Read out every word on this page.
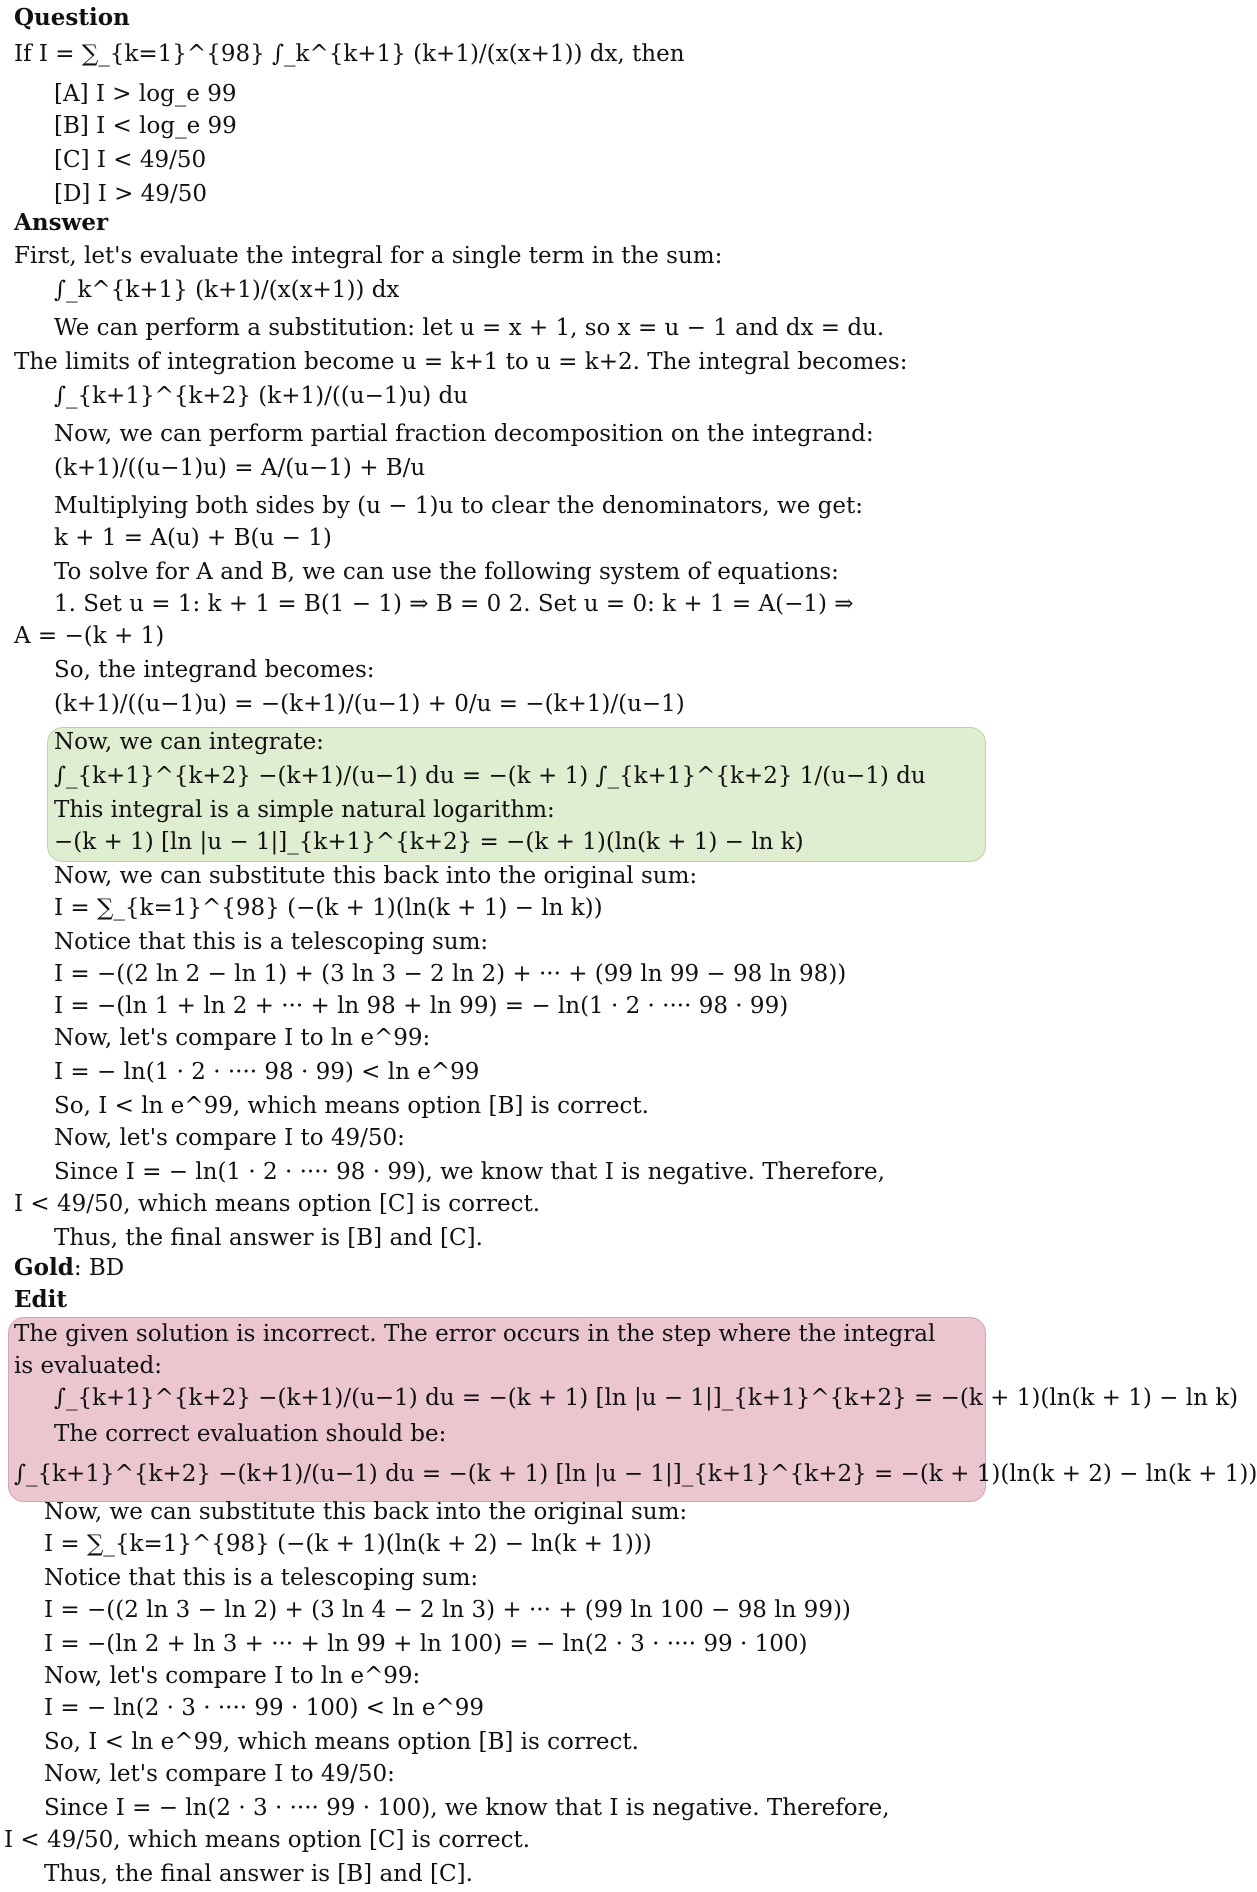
Question
If I = ∑_{k=1}^{98} ∫_k^{k+1} (k+1)/(x(x+1)) dx, then
[A] I > log_e 99
[B] I < log_e 99
[C] I < 49/50
[D] I > 49/50
Answer
First, let's evaluate the integral for a single term in the sum:
∫_k^{k+1} (k+1)/(x(x+1)) dx
We can perform a substitution: let u = x + 1, so x = u − 1 and dx = du.
The limits of integration become u = k+1 to u = k+2. The integral becomes:
∫_{k+1}^{k+2} (k+1)/((u−1)u) du
Now, we can perform partial fraction decomposition on the integrand:
(k+1)/((u−1)u) = A/(u−1) + B/u
Multiplying both sides by (u − 1)u to clear the denominators, we get:
k + 1 = A(u) + B(u − 1)
To solve for A and B, we can use the following system of equations:
1. Set u = 1: k + 1 = B(1 − 1) ⇒ B = 0 2. Set u = 0: k + 1 = A(−1) ⇒
A = −(k + 1)
So, the integrand becomes:
(k+1)/((u−1)u) = −(k+1)/(u−1) + 0/u = −(k+1)/(u−1)
Now, we can integrate:
∫_{k+1}^{k+2} −(k+1)/(u−1) du = −(k + 1) ∫_{k+1}^{k+2} 1/(u−1) du
This integral is a simple natural logarithm:
−(k + 1) [ln |u − 1|]_{k+1}^{k+2} = −(k + 1)(ln(k + 1) − ln k)
Now, we can substitute this back into the original sum:
I = ∑_{k=1}^{98} (−(k + 1)(ln(k + 1) − ln k))
Notice that this is a telescoping sum:
I = −((2 ln 2 − ln 1) + (3 ln 3 − 2 ln 2) + ··· + (99 ln 99 − 98 ln 98))
I = −(ln 1 + ln 2 + ··· + ln 98 + ln 99) = − ln(1 · 2 · ···· 98 · 99)
Now, let's compare I to ln e^99:
I = − ln(1 · 2 · ···· 98 · 99) < ln e^99
So, I < ln e^99, which means option [B] is correct.
Now, let's compare I to 49/50:
Since I = − ln(1 · 2 · ···· 98 · 99), we know that I is negative. Therefore,
I < 49/50, which means option [C] is correct.
Thus, the final answer is [B] and [C].
Gold: BD
Edit
The given solution is incorrect. The error occurs in the step where the integral
is evaluated:
∫_{k+1}^{k+2} −(k+1)/(u−1) du = −(k + 1) [ln |u − 1|]_{k+1}^{k+2} = −(k + 1)(ln(k + 1) − ln k)
The correct evaluation should be:
∫_{k+1}^{k+2} −(k+1)/(u−1) du = −(k + 1) [ln |u − 1|]_{k+1}^{k+2} = −(k + 1)(ln(k + 2) − ln(k + 1))
Now, we can substitute this back into the original sum:
I = ∑_{k=1}^{98} (−(k + 1)(ln(k + 2) − ln(k + 1)))
Notice that this is a telescoping sum:
I = −((2 ln 3 − ln 2) + (3 ln 4 − 2 ln 3) + ··· + (99 ln 100 − 98 ln 99))
I = −(ln 2 + ln 3 + ··· + ln 99 + ln 100) = − ln(2 · 3 · ···· 99 · 100)
Now, let's compare I to ln e^99:
I = − ln(2 · 3 · ···· 99 · 100) < ln e^99
So, I < ln e^99, which means option [B] is correct.
Now, let's compare I to 49/50:
Since I = − ln(2 · 3 · ···· 99 · 100), we know that I is negative. Therefore,
I < 49/50, which means option [C] is correct.
Thus, the final answer is [B] and [C].
